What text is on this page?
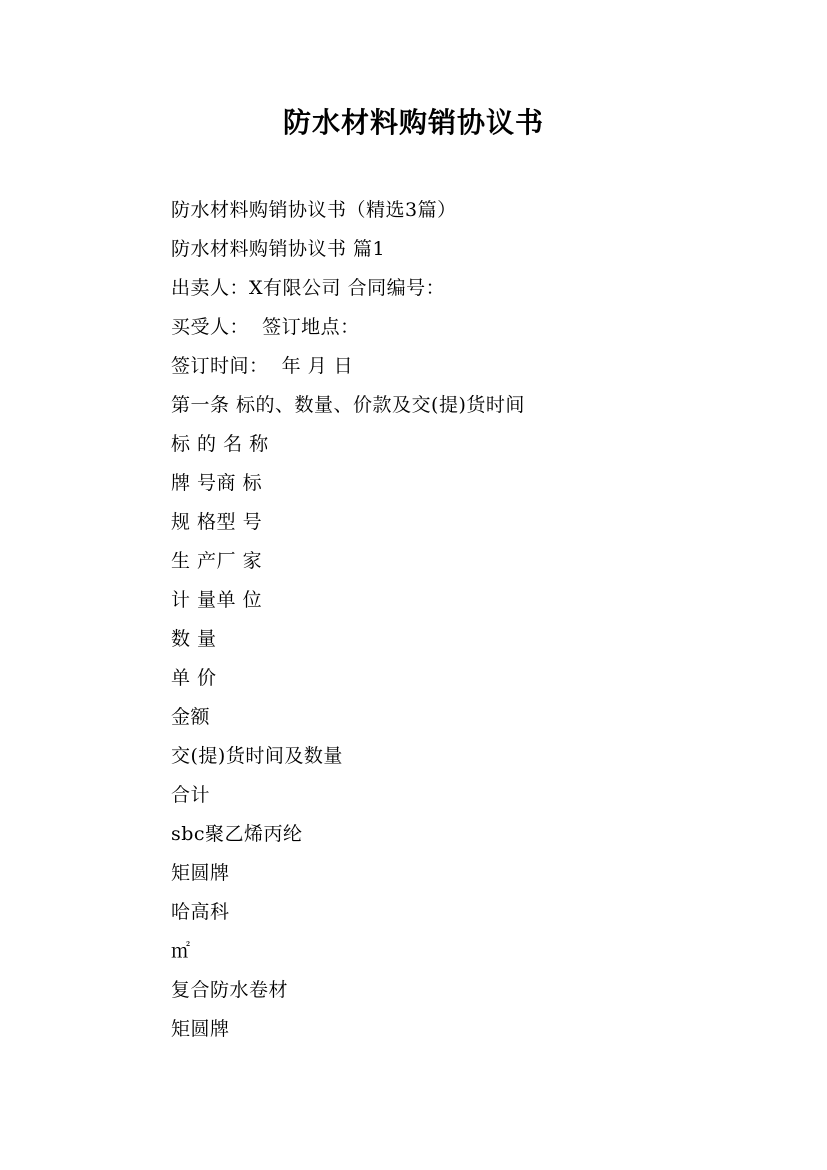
防水材料购销协议书
防水材料购销协议书（精选3篇）
防水材料购销协议书 篇1
出卖人：X有限公司 合同编号：
买受人：  签订地点：
签订时间：  年 月 日
第一条 标的、数量、价款及交(提)货时间
标 的 名 称
牌 号商 标
规 格型 号
生 产厂 家
计 量单 位
数 量
单 价
金额
交(提)货时间及数量
合计
sbc聚乙烯丙纶
矩圆牌
哈高科
㎡
复合防水卷材
矩圆牌
